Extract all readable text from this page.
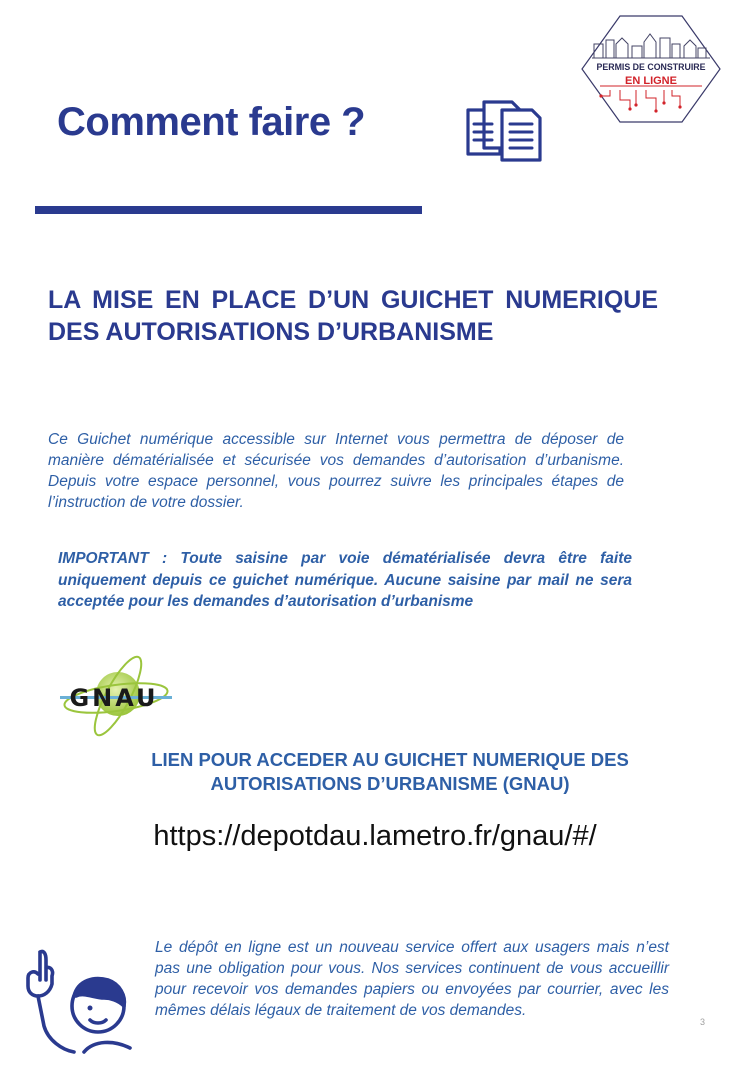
Comment faire ?
PERMIS DE CONSTRUIRE
EN LIGNE

LA MISE EN PLACE D’UN GUICHET NUMERIQUE DES AUTORISATIONS D’URBANISME

Ce Guichet numérique accessible sur Internet vous permettra de déposer de manière dématérialisée et sécurisée vos demandes d’autorisation d’urbanisme. Depuis votre espace personnel, vous pourrez suivre les principales étapes de l’instruction de votre dossier.

IMPORTANT : Toute saisine par voie dématérialisée devra être faite uniquement depuis ce guichet numérique. Aucune saisine par mail ne sera acceptée pour les demandes d’autorisation d’urbanisme

GNAU

LIEN POUR ACCEDER AU GUICHET NUMERIQUE DES
AUTORISATIONS D’URBANISME (GNAU)

https://depotdau.lametro.fr/gnau/#/

Le dépôt en ligne est un nouveau service offert aux usagers mais n’est pas une obligation pour vous. Nos services continuent de vous accueillir pour recevoir vos demandes papiers ou envoyées par courrier, avec les mêmes délais légaux de traitement de vos demandes.

3
